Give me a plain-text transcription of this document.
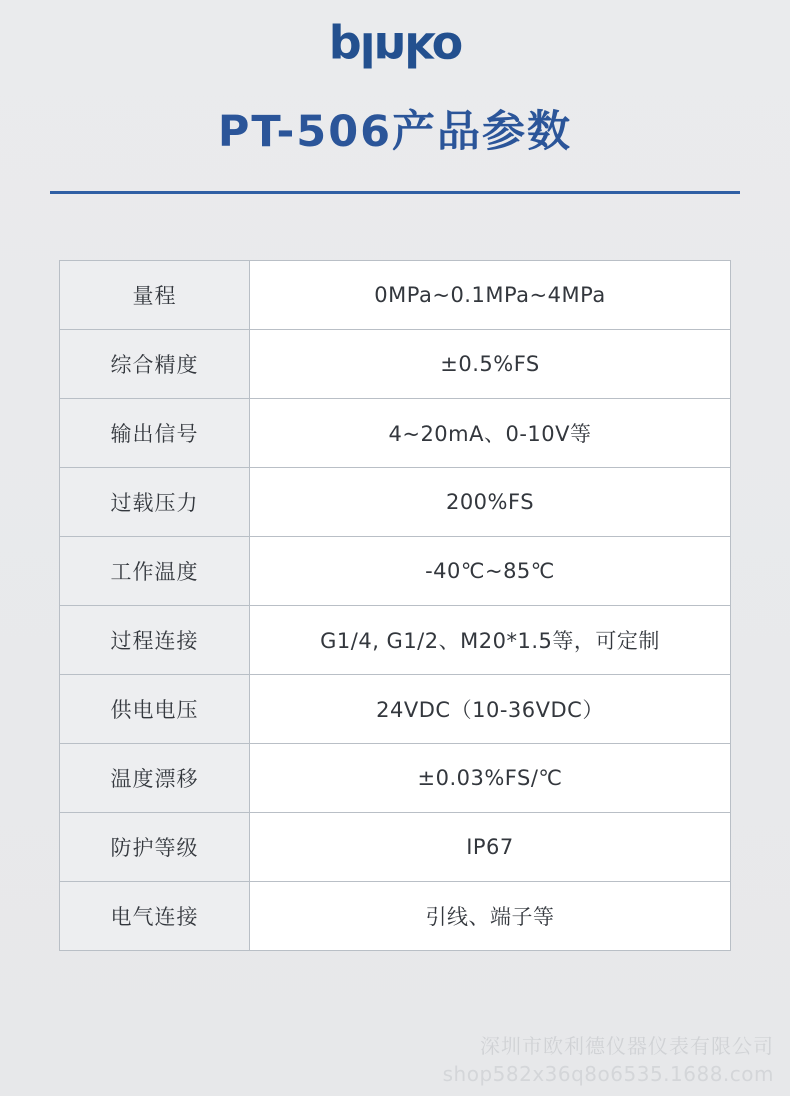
plnko
PT-506产品参数
量程	0MPa~0.1MPa~4MPa
综合精度	±0.5%FS
输出信号	4~20mA、0-10V等
过载压力	200%FS
工作温度	-40℃~85℃
过程连接	G1/4, G1/2、M20*1.5等，可定制
供电电压	24VDC（10-36VDC）
温度漂移	±0.03%FS/℃
防护等级	IP67
电气连接	引线、端子等
深圳市欧利德仪器仪表有限公司
shop582x36q8o6535.1688.com
